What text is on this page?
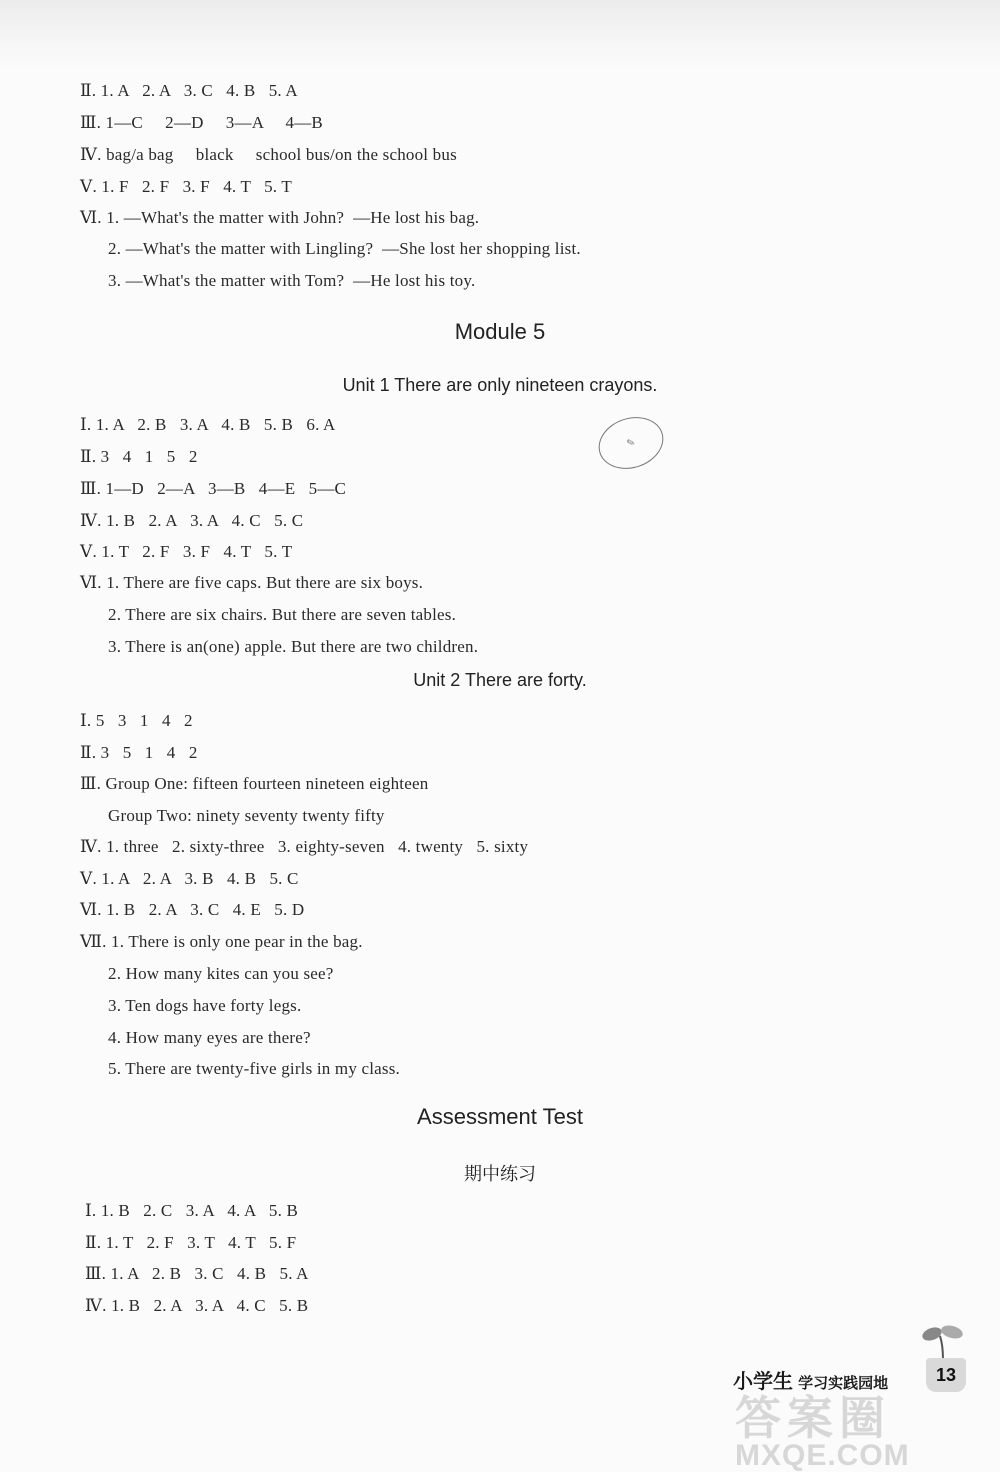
Ⅱ. 1. A   2. A   3. C   4. B   5. A
Ⅲ. 1—C     2—D     3—A     4—B
Ⅳ. bag/a bag     black     school bus/on the school bus
Ⅴ. 1. F   2. F   3. F   4. T   5. T
Ⅵ. 1. —What's the matter with John?  —He lost his bag.
2. —What's the matter with Lingling?  —She lost her shopping list.
3. —What's the matter with Tom?  —He lost his toy.
Module 5
Unit 1 There are only nineteen crayons.
✎
Ⅰ. 1. A   2. B   3. A   4. B   5. B   6. A
Ⅱ. 3   4   1   5   2
Ⅲ. 1—D   2—A   3—B   4—E   5—C
Ⅳ. 1. B   2. A   3. A   4. C   5. C
Ⅴ. 1. T   2. F   3. F   4. T   5. T
Ⅵ. 1. There are five caps. But there are six boys.
2. There are six chairs. But there are seven tables.
3. There is an(one) apple. But there are two children.
Unit 2 There are forty.
Ⅰ. 5   3   1   4   2
Ⅱ. 3   5   1   4   2
Ⅲ. Group One: fifteen fourteen nineteen eighteen
Group Two: ninety seventy twenty fifty
Ⅳ. 1. three   2. sixty-three   3. eighty-seven   4. twenty   5. sixty
Ⅴ. 1. A   2. A   3. B   4. B   5. C
Ⅵ. 1. B   2. A   3. C   4. E   5. D
Ⅶ. 1. There is only one pear in the bag.
2. How many kites can you see?
3. Ten dogs have forty legs.
4. How many eyes are there?
5. There are twenty-five girls in my class.
Assessment Test
期中练习
Ⅰ. 1. B   2. C   3. A   4. A   5. B
Ⅱ. 1. T   2. F   3. T   4. T   5. F
Ⅲ. 1. A   2. B   3. C   4. B   5. A
Ⅳ. 1. B   2. A   3. A   4. C   5. B
小学生 学习实践园地	13
答案圈
MXQE.COM
